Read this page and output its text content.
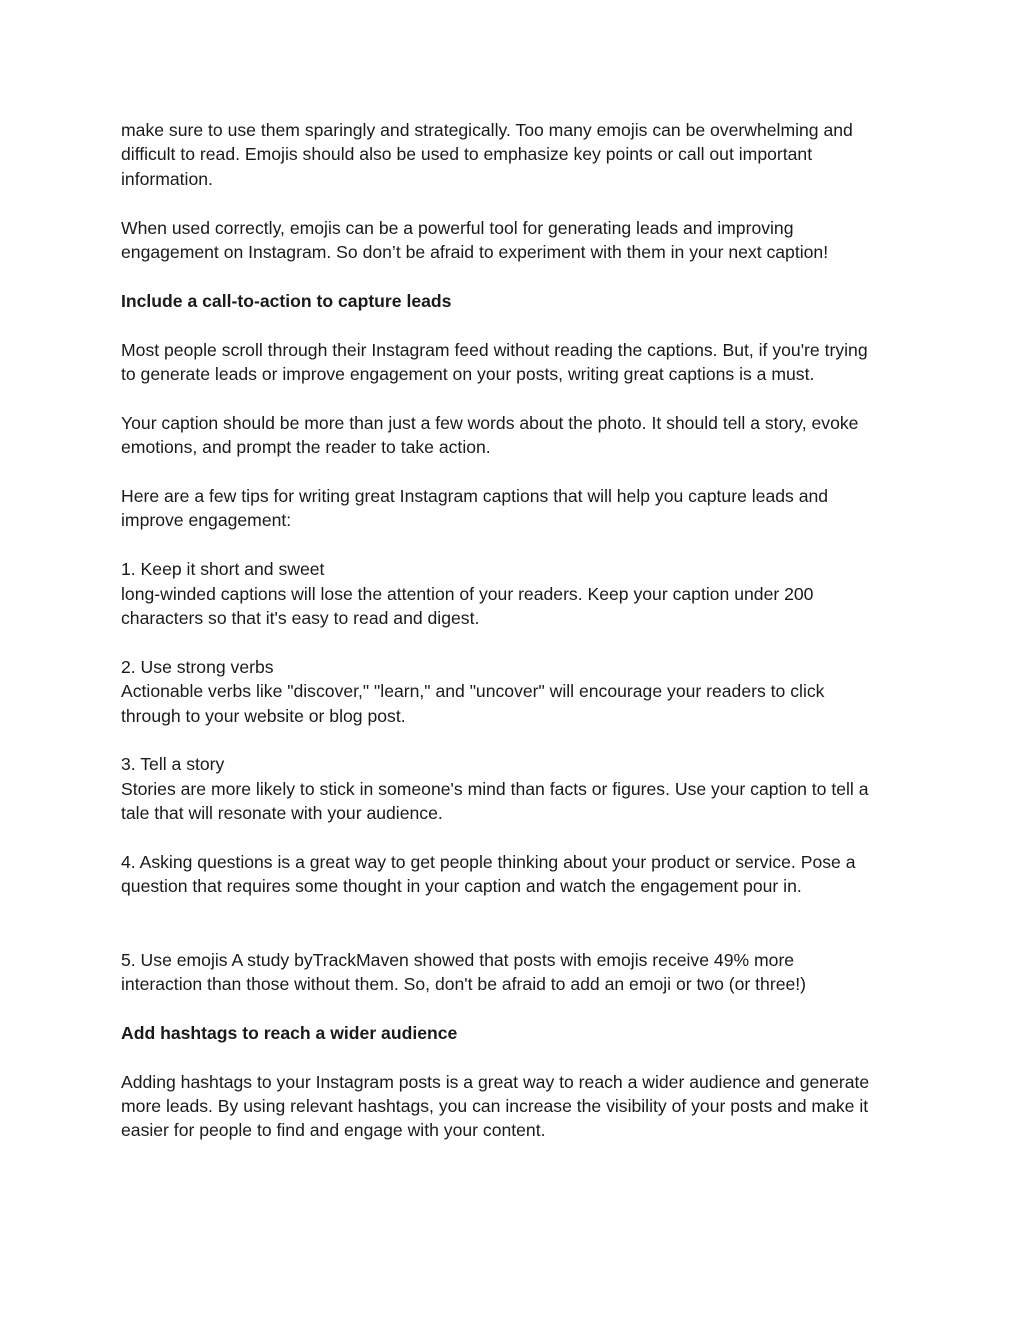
make sure to use them sparingly and strategically. Too many emojis can be overwhelming and
difficult to read. Emojis should also be used to emphasize key points or call out important
information.

When used correctly, emojis can be a powerful tool for generating leads and improving
engagement on Instagram. So don’t be afraid to experiment with them in your next caption!

Include a call-to-action to capture leads

Most people scroll through their Instagram feed without reading the captions. But, if you're trying
to generate leads or improve engagement on your posts, writing great captions is a must.

Your caption should be more than just a few words about the photo. It should tell a story, evoke
emotions, and prompt the reader to take action.

Here are a few tips for writing great Instagram captions that will help you capture leads and
improve engagement:

1. Keep it short and sweet

long-winded captions will lose the attention of your readers. Keep your caption under 200
characters so that it's easy to read and digest.

2. Use strong verbs

Actionable verbs like "discover," "learn," and "uncover" will encourage your readers to click
through to your website or blog post.

3. Tell a story

Stories are more likely to stick in someone's mind than facts or figures. Use your caption to tell a
tale that will resonate with your audience.

4. Asking questions is a great way to get people thinking about your product or service. Pose a
question that requires some thought in your caption and watch the engagement pour in.

5. Use emojis A study byTrackMaven showed that posts with emojis receive 49% more
interaction than those without them. So, don't be afraid to add an emoji or two (or three!)

Add hashtags to reach a wider audience

Adding hashtags to your Instagram posts is a great way to reach a wider audience and generate
more leads. By using relevant hashtags, you can increase the visibility of your posts and make it
easier for people to find and engage with your content.
